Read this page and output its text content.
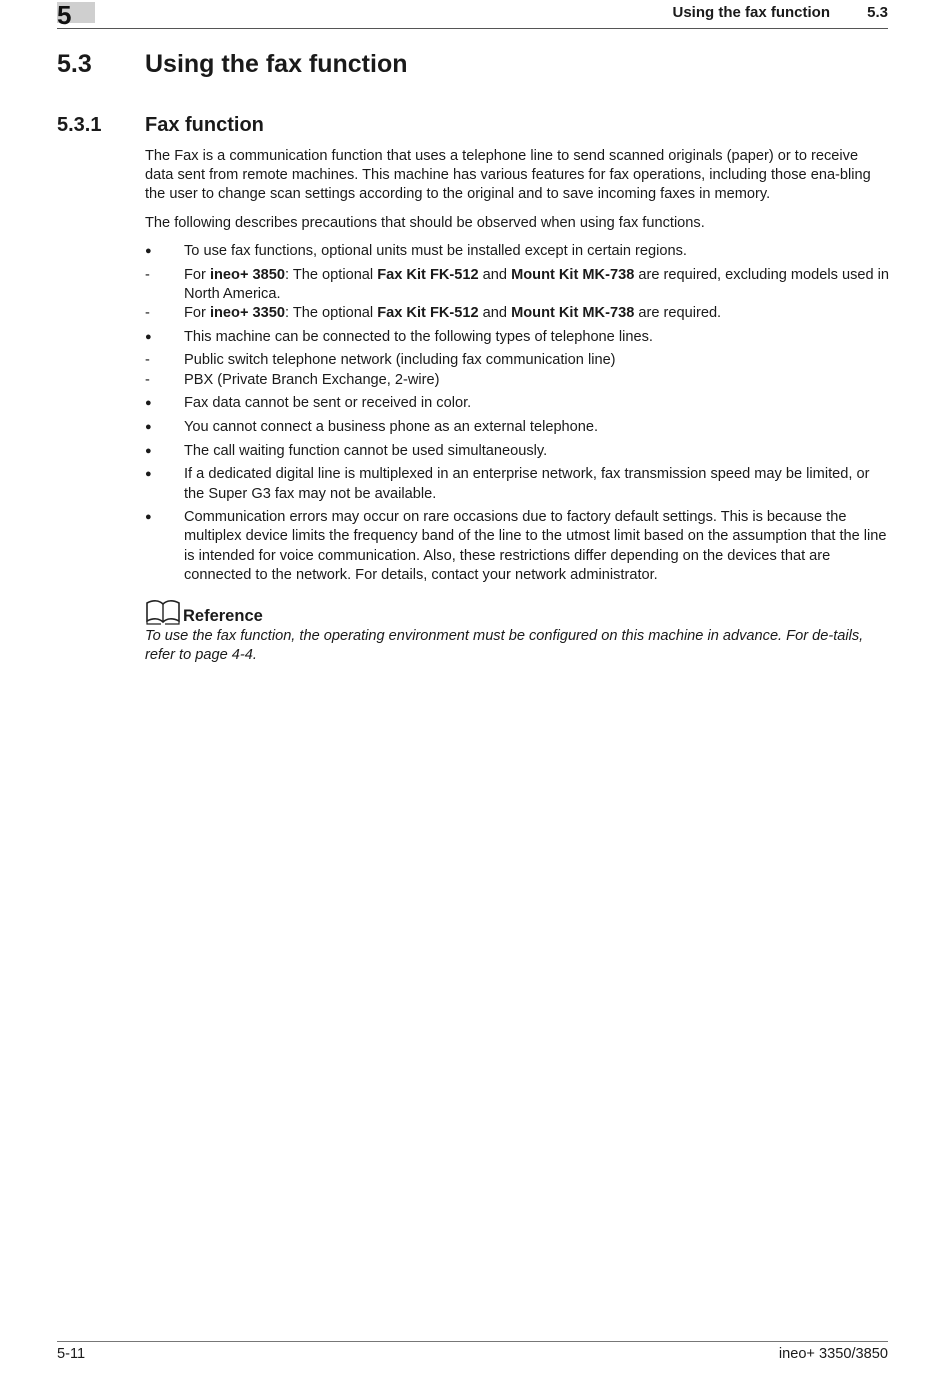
5	Using the fax function 5.3
5.3 Using the fax function
5.3.1 Fax function

The Fax is a communication function that uses a telephone line to send scanned originals (paper) or to receive data sent from remote machines. This machine has various features for fax operations, including those ena-bling the user to change scan settings according to the original and to save incoming faxes in memory.

The following describes precautions that should be observed when using fax functions.

●	To use fax functions, optional units must be installed except in certain regions.
-	For ineo+ 3850: The optional Fax Kit FK-512 and Mount Kit MK-738 are required, excluding models used in North America.
-	For ineo+ 3350: The optional Fax Kit FK-512 and Mount Kit MK-738 are required.
●	This machine can be connected to the following types of telephone lines.
-	Public switch telephone network (including fax communication line)
-	PBX (Private Branch Exchange, 2-wire)
●	Fax data cannot be sent or received in color.
●	You cannot connect a business phone as an external telephone.
●	The call waiting function cannot be used simultaneously.
●	If a dedicated digital line is multiplexed in an enterprise network, fax transmission speed may be limited, or the Super G3 fax may not be available.
●	Communication errors may occur on rare occasions due to factory default settings. This is because the multiplex device limits the frequency band of the line to the utmost limit based on the assumption that the line is intended for voice communication. Also, these restrictions differ depending on the devices that are connected to the network. For details, contact your network administrator.
Reference
To use the fax function, the operating environment must be configured on this machine in advance. For de-tails, refer to page 4-4.
5-11	ineo+ 3350/3850
